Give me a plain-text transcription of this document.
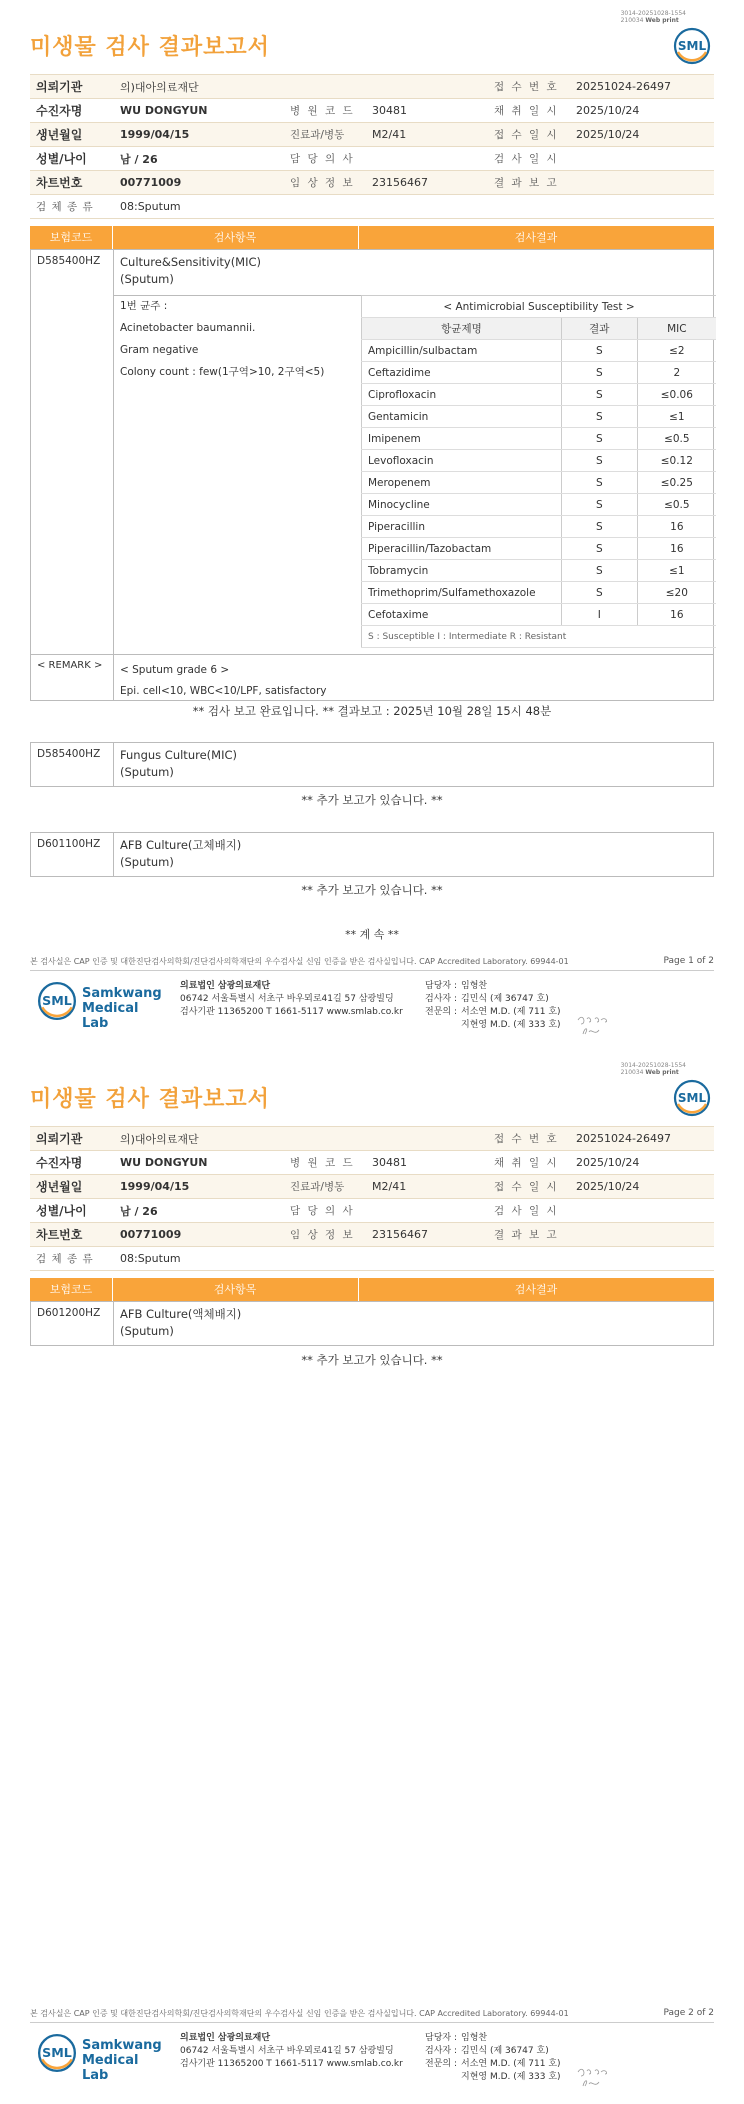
3014-20251028-1554
210034 Web print
SML
미생물 검사 결과보고서
의뢰기관	의)대아의료재단			접 수 번 호	20251024-26497
수진자명	WU DONGYUN	병 원 코 드	30481	채 취 일 시	2025/10/24
생년월일	1999/04/15	진료과/병동	M2/41	접 수 일 시	2025/10/24
성별/나이	남 / 26	담 당 의 사		검 사 일 시	
차트번호	00771009	임 상 정 보	23156467	결 과 보 고	
검 체 종 류	08:Sputum				
보험코드	검사항목	검사결과
D585400HZ Culture&Sensitivity(MIC)
(Sputum)
1번 균주 :
Acinetobacter baumannii.
Gram negative
Colony count : few(1구역>10, 2구역<5)
< Antimicrobial Susceptibility Test >		
항균제명	결과	MIC
Ampicillin/sulbactam	S	≤2
Ceftazidime	S	2
Ciprofloxacin	S	≤0.06
Gentamicin	S	≤1
Imipenem	S	≤0.5
Levofloxacin	S	≤0.12
Meropenem	S	≤0.25
Minocycline	S	≤0.5
Piperacillin	S	16
Piperacillin/Tazobactam	S	16
Tobramycin	S	≤1
Trimethoprim/Sulfamethoxazole	S	≤20
Cefotaxime	I	16
S : Susceptible I : Intermediate R : Resistant		
< REMARK > < Sputum grade 6 >
Epi. cell<10, WBC<10/LPF, satisfactory
** 검사 보고 완료입니다. ** 결과보고 : 2025년 10월 28일 15시 48분
D585400HZ Fungus Culture(MIC)
(Sputum)
** 추가 보고가 있습니다. **
D601100HZ AFB Culture(고체배지)
(Sputum)
** 추가 보고가 있습니다. **
** 계 속 **
본 검사실은 CAP 인증 및 대한진단검사의학회/진단검사의학재단의 우수검사실 신임 인증을 받은 검사실입니다. CAP Accredited Laboratory. 69944-01	Page 1 of 2
SML Samkwang
Medical Lab
의료법인 삼광의료재단
06742 서울특별시 서초구 바우뫼로41길 57 삼광빌딩
검사기관 11365200 T 1661-5117 www.smlab.co.kr
담당자 : 임형찬
검사자 : 김민식 (제 36747 호)
전문의 : 서소연 M.D. (제 711 호)
지현영 M.D. (제 333 호)
3014-20251028-1554
210034 Web print
SML
미생물 검사 결과보고서
의뢰기관	의)대아의료재단			접 수 번 호	20251024-26497
수진자명	WU DONGYUN	병 원 코 드	30481	채 취 일 시	2025/10/24
생년월일	1999/04/15	진료과/병동	M2/41	접 수 일 시	2025/10/24
성별/나이	남 / 26	담 당 의 사		검 사 일 시	
차트번호	00771009	임 상 정 보	23156467	결 과 보 고	
검 체 종 류	08:Sputum				
보험코드	검사항목	검사결과
D601200HZ AFB Culture(액체배지)
(Sputum)
** 추가 보고가 있습니다. **
본 검사실은 CAP 인증 및 대한진단검사의학회/진단검사의학재단의 우수검사실 신임 인증을 받은 검사실입니다. CAP Accredited Laboratory. 69944-01	Page 2 of 2
SML Samkwang
Medical Lab
의료법인 삼광의료재단
06742 서울특별시 서초구 바우뫼로41길 57 삼광빌딩
검사기관 11365200 T 1661-5117 www.smlab.co.kr
담당자 : 임형찬
검사자 : 김민식 (제 36747 호)
전문의 : 서소연 M.D. (제 711 호)
지현영 M.D. (제 333 호)
